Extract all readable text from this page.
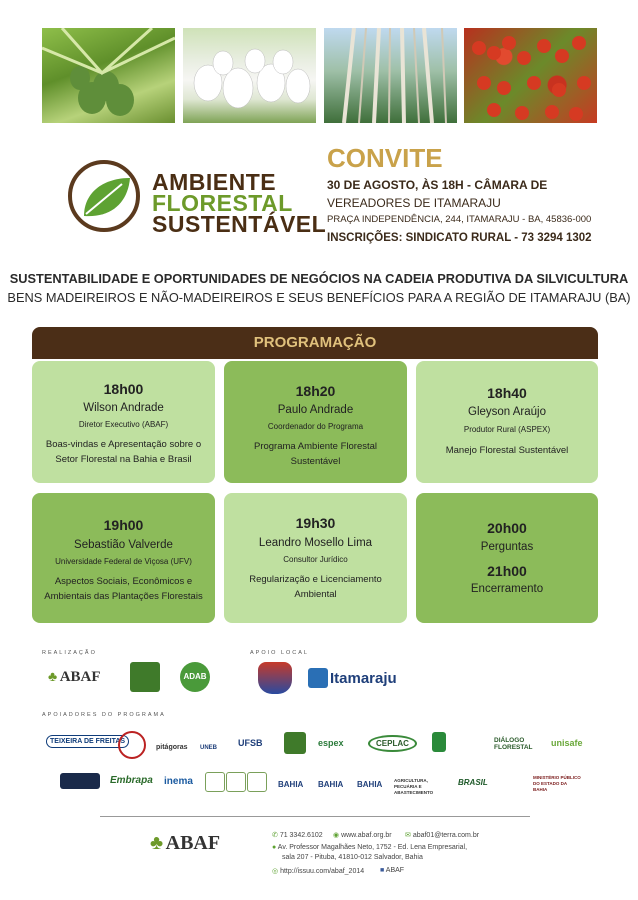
AMBIENTE
FLORESTAL
SUSTENTÁVEL
CONVITE
30 DE AGOSTO, ÀS 18H - CÂMARA DE
VEREADORES DE ITAMARAJU
PRAÇA INDEPENDÊNCIA, 244, ITAMARAJU - BA, 45836-000
INSCRIÇÕES: SINDICATO RURAL - 73 3294 1302
SUSTENTABILIDADE E OPORTUNIDADES DE NEGÓCIOS NA CADEIA PRODUTIVA DA SILVICULTURA
BENS MADEIREIROS E NÃO-MADEIREIROS E SEUS BENEFÍCIOS PARA A REGIÃO DE ITAMARAJU (BA)
PROGRAMAÇÃO
18h00
Wilson Andrade
Diretor Executivo (ABAF)
Boas-vindas e Apresentação sobre o
Setor Florestal na Bahia e Brasil
18h20
Paulo Andrade
Coordenador do Programa
Programa Ambiente Florestal
Sustentável
18h40
Gleyson Araújo
Produtor Rural (ASPEX)
Manejo Florestal Sustentável
19h00
Sebastião Valverde
Universidade Federal de Viçosa (UFV)
Aspectos Sociais, Econômicos e
Ambientais das Plantações Florestais
19h30
Leandro Mosello Lima
Consultor Jurídico
Regularização e Licenciamento
Ambiental
20h00
Perguntas
21h00
Encerramento
REALIZAÇÃO	APOIO LOCAL
APOIADORES DO PROGRAMA
♣ ABAF	ADAB	Itamaraju
TEIXEIRA DE FREITAS
pitágoras UNEB UFSB	espex	CEPLAC	DIÁLOGO FLORESTAL	unisafe
Embrapa inema	BAHIA BAHIA BAHIA	AGRICULTURA, PECUÁRIA E ABASTECIMENTO
BRASIL
MINISTÉRIO PÚBLICO DO ESTADO DA BAHIA
♣ ABAF	✆ 71 3342.6102 ◉ www.abaf.org.br ✉ abaf01@terra.com.br
● Av. Professor Magalhães Neto, 1752 - Ed. Lena Empresarial,
sala 207 - Pituba, 41810-012 Salvador, Bahia
◎ http://issuu.com/abaf_2014 ■ ABAF
